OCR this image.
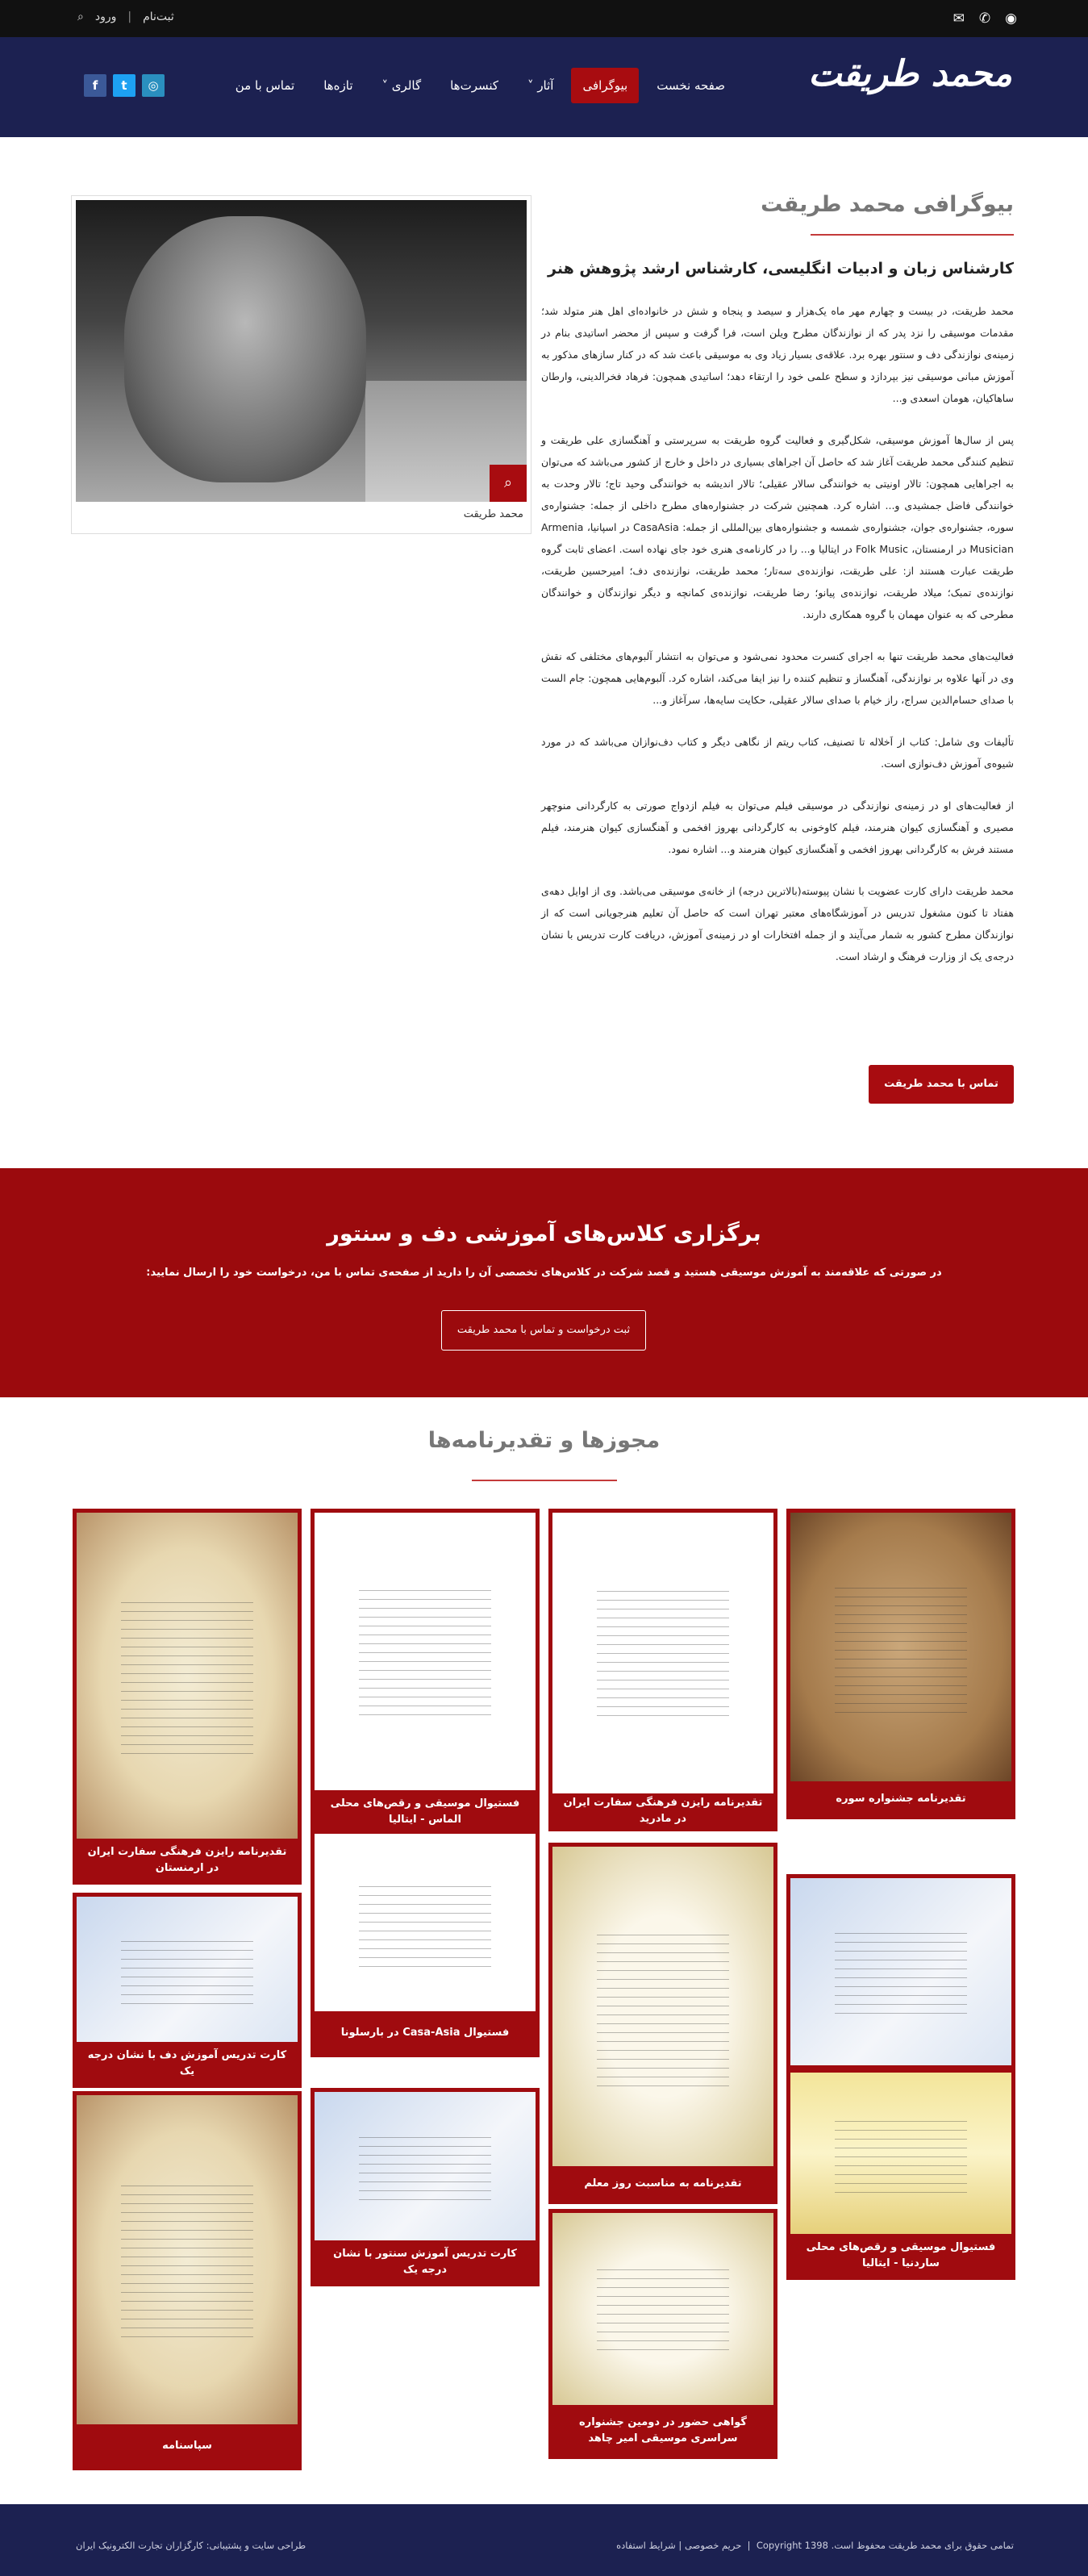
◉
✆
✉
⌕ ورود | ثبت‌نام
محمد طریقت
صفحه نخست
بیوگرافی
آثار ˅
کنسرت‌ها
گالری ˅
تازه‌ها
تماس با من
f	t	◎
بیوگرافی محمد طریقت
کارشناس زبان و ادبیات انگلیسی، کارشناس ارشد پژوهش هنر

محمد طریقت، در بیست و چهارم مهر ماه یک‌هزار و سیصد و پنجاه و شش در خانواده‌ای اهل هنر متولد شد؛ مقدمات موسیقی را نزد پدر که از نوازندگان مطرح ویلن است، فرا گرفت و سپس از محضر اساتیدی بنام در زمینه‌ی نوازندگی دف و سنتور بهره برد. علاقه‌ی بسیار زیاد وی به موسیقی باعث شد که در کنار سازهای مذکور به آموزش مبانی موسیقی نیز بپردازد و سطح علمی خود را ارتقاء دهد؛ اساتیدی همچون: فرهاد فخرالدینی، وارطان ساهاکیان، هومان اسعدی و...

پس از سال‌ها آموزش موسیقی، شکل‌گیری و فعالیت گروه طریقت به سرپرستی و آهنگسازی علی طریقت و تنظیم کنندگی محمد طریقت آغاز شد که حاصل آن اجراهای بسیاری در داخل و خارج از کشور می‌باشد که می‌توان به اجراهایی همچون: تالار اونیتی به خوانندگی سالار عقیلی؛ تالار اندیشه به خوانندگی وحید تاج؛ تالار وحدت به خوانندگی فاضل جمشیدی و... اشاره کرد. همچنین شرکت در جشنواره‌های مطرح داخلی از جمله: جشنواره‌ی سوره، جشنواره‌ی جوان، جشنواره‌ی شمسه و جشنواره‌های بین‌المللی از جمله: CasaAsia در اسپانیا، Armenia Musician در ارمنستان، Folk Music در ایتالیا و... را در کارنامه‌ی هنری خود جای نهاده است. اعضای ثابت گروه طریقت عبارت هستند از: علی طریقت، نوازنده‌ی سه‌تار؛ محمد طریقت، نوازنده‌ی دف؛ امیرحسین طریقت، نوازنده‌ی تمبک؛ میلاد طریقت، نوازنده‌ی پیانو؛ رضا طریقت، نوازنده‌ی کمانچه و دیگر نوازندگان و خوانندگان مطرحی که به عنوان مهمان با گروه همکاری دارند.

فعالیت‌های محمد طریقت تنها به اجرای کنسرت محدود نمی‌شود و می‌توان به انتشار آلبوم‌های مختلفی که نقش وی در آنها علاوه بر نوازندگی، آهنگساز و تنظیم کننده را نیز ایفا می‌کند، اشاره کرد. آلبوم‌هایی همچون: جام الست با صدای حسام‌الدین سراج، راز خیام با صدای سالار عقیلی، حکایت سایه‌ها، سرآغاز و...

تألیفات وی شامل: کتاب از اَخلاله تا تصنیف، کتاب ریتم از نگاهی دیگر و کتاب دف‌نوازان می‌باشد که در مورد شیوه‌ی آموزش دف‌نوازی است.

از فعالیت‌های او در زمینه‌ی نوازندگی در موسیقی فیلم می‌توان به فیلم ازدواج صورتی به کارگردانی منوچهر مصیری و آهنگسازی کیوان هنرمند، فیلم کاوخونی به کارگردانی بهروز افخمی و آهنگسازی کیوان هنرمند، فیلم مستند فرش به کارگردانی بهروز افخمی و آهنگسازی کیوان هنرمند و... اشاره نمود.

محمد طریقت دارای کارت عضویت با نشان پیوسته(بالاترین درجه) از خانه‌ی موسیقی می‌باشد. وی از اوایل دهه‌ی هفتاد تا کنون مشغول تدریس در آموزشگاه‌های معتبر تهران است که حاصل آن تعلیم هنرجویانی است که از نوازندگان مطرح کشور به شمار می‌آیند و از جمله افتخارات او در زمینه‌ی آموزش، دریافت کارت تدریس با نشان درجه‌ی یک از وزارت فرهنگ و ارشاد است.

⌕
محمد طریقت
تماس با محمد طریقت
برگزاری کلاس‌های آموزشی دف و سنتور

در صورتی که علاقه‌مند به آموزش موسیقی هستید و قصد شرکت در کلاس‌های تخصصی آن را دارید از صفحه‌ی تماس با من، درخواست خود را ارسال نمایید:

ثبت درخواست و تماس با محمد طریقت
مجوزها و تقدیرنامه‌ها
تقدیرنامه جشنواره سوره
تقدیرنامه رایزن فرهنگی سفارت ایران در مادرید
فستیوال موسیقی و رقص‌های محلی الماس - ایتالیا
تقدیرنامه رایزن فرهنگی سفارت ایران در ارمنستان
تقدیرنامه به مناسبت روز معلم
فستیوال Casa-Asia در بارسلونا
کارت تدریس آموزش دف با نشان درجه یک
فستیوال موسیقی و رقص‌های محلی ساردنیا - ایتالیا
گواهی حضور در دومین جشنواره سراسری موسیقی امیر چاهد
کارت تدریس آموزش سنتور با نشان درجه یک
سپاسنامه
تمامی حقوق برای محمد طریقت محفوظ است. Copyright 1398  |  حریم خصوصی | شرایط استفاده
طراحی سایت و پشتیبانی: کارگزاران تجارت الکترونیک ایران
